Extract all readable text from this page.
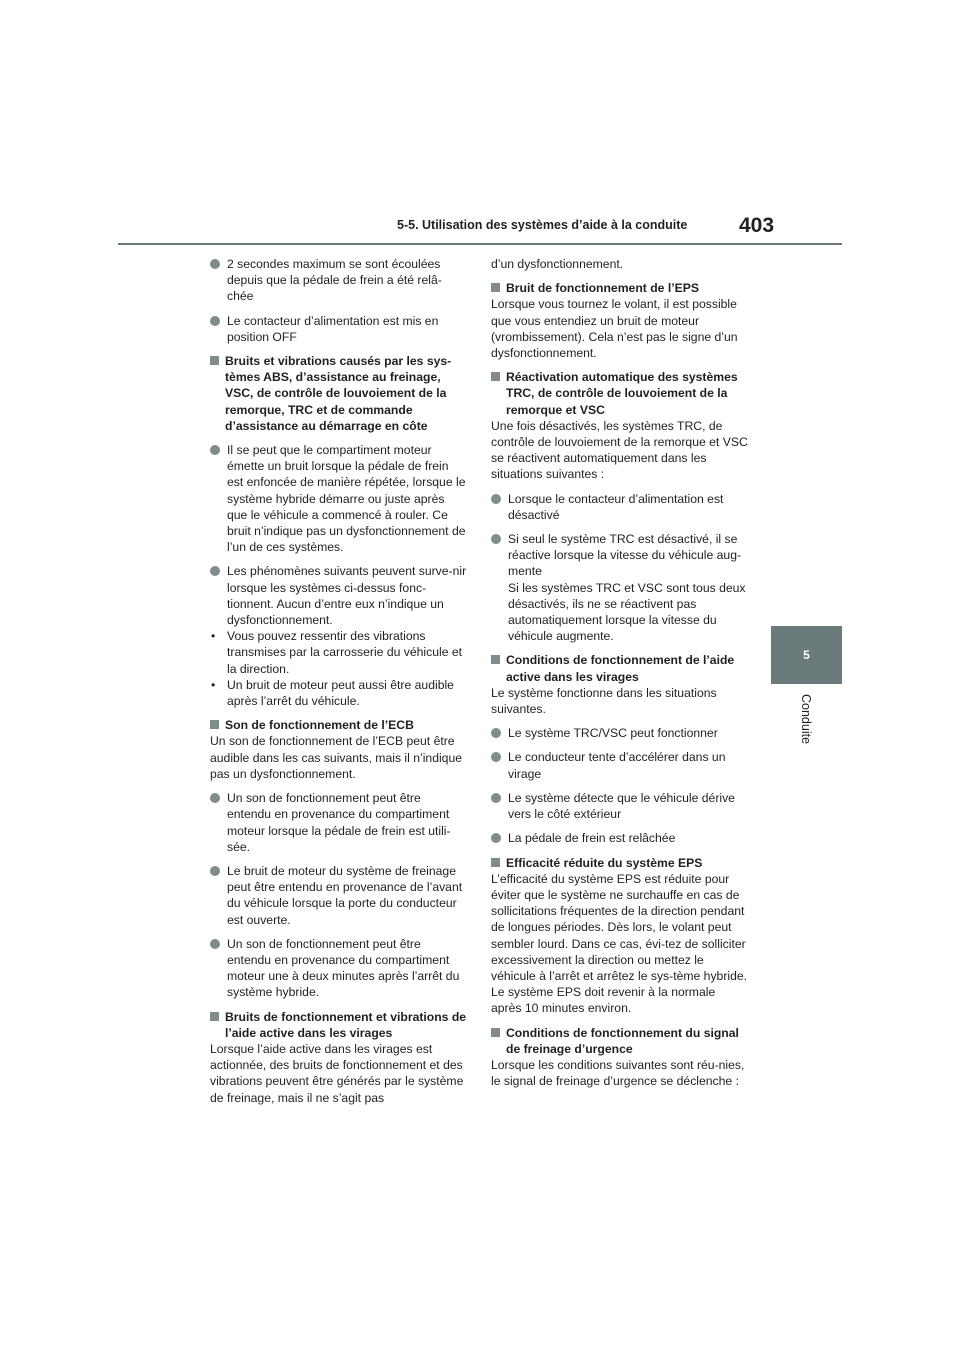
5-5. Utilisation des systèmes d’aide à la conduite 403
5
Conduite
2 secondes maximum se sont écoulées depuis que la pédale de frein a été relâ-chée
Le contacteur d’alimentation est mis en position OFF
Bruits et vibrations causés par les sys-tèmes ABS, d’assistance au freinage, VSC, de contrôle de louvoiement de la remorque, TRC et de commande d’assistance au démarrage en côte
Il se peut que le compartiment moteur émette un bruit lorsque la pédale de frein est enfoncée de manière répétée, lorsque le système hybride démarre ou juste après que le véhicule a commencé à rouler. Ce bruit n’indique pas un dysfonctionnement de l’un de ces systèmes.
Les phénomènes suivants peuvent surve-nir lorsque les systèmes ci-dessus fonc-tionnent. Aucun d’entre eux n’indique un dysfonctionnement.
• Vous pouvez ressentir des vibrations transmises par la carrosserie du véhicule et la direction.
• Un bruit de moteur peut aussi être audible après l’arrêt du véhicule.
Son de fonctionnement de l’ECB
Un son de fonctionnement de l’ECB peut être audible dans les cas suivants, mais il n’indique pas un dysfonctionnement.
Un son de fonctionnement peut être entendu en provenance du compartiment moteur lorsque la pédale de frein est utili-sée.
Le bruit de moteur du système de freinage peut être entendu en provenance de l’avant du véhicule lorsque la porte du conducteur est ouverte.
Un son de fonctionnement peut être entendu en provenance du compartiment moteur une à deux minutes après l’arrêt du système hybride.
Bruits de fonctionnement et vibrations de l’aide active dans les virages
Lorsque l’aide active dans les virages est actionnée, des bruits de fonctionnement et des vibrations peuvent être générés par le système de freinage, mais il ne s’agit pas
d’un dysfonctionnement.
Bruit de fonctionnement de l’EPS
Lorsque vous tournez le volant, il est possible que vous entendiez un bruit de moteur (vrombissement). Cela n’est pas le signe d’un dysfonctionnement.
Réactivation automatique des systèmes TRC, de contrôle de louvoiement de la remorque et VSC
Une fois désactivés, les systèmes TRC, de contrôle de louvoiement de la remorque et VSC se réactivent automatiquement dans les situations suivantes :
Lorsque le contacteur d’alimentation est désactivé
Si seul le système TRC est désactivé, il se réactive lorsque la vitesse du véhicule aug-mente
Si les systèmes TRC et VSC sont tous deux désactivés, ils ne se réactivent pas automatiquement lorsque la vitesse du véhicule augmente.
Conditions de fonctionnement de l’aide active dans les virages
Le système fonctionne dans les situations suivantes.
Le système TRC/VSC peut fonctionner
Le conducteur tente d’accélérer dans un virage
Le système détecte que le véhicule dérive vers le côté extérieur
La pédale de frein est relâchée
Efficacité réduite du système EPS
L’efficacité du système EPS est réduite pour éviter que le système ne surchauffe en cas de sollicitations fréquentes de la direction pendant de longues périodes. Dès lors, le volant peut sembler lourd. Dans ce cas, évi-tez de solliciter excessivement la direction ou mettez le véhicule à l’arrêt et arrêtez le sys-tème hybride. Le système EPS doit revenir à la normale après 10 minutes environ.
Conditions de fonctionnement du signal de freinage d’urgence
Lorsque les conditions suivantes sont réu-nies, le signal de freinage d’urgence se déclenche :
